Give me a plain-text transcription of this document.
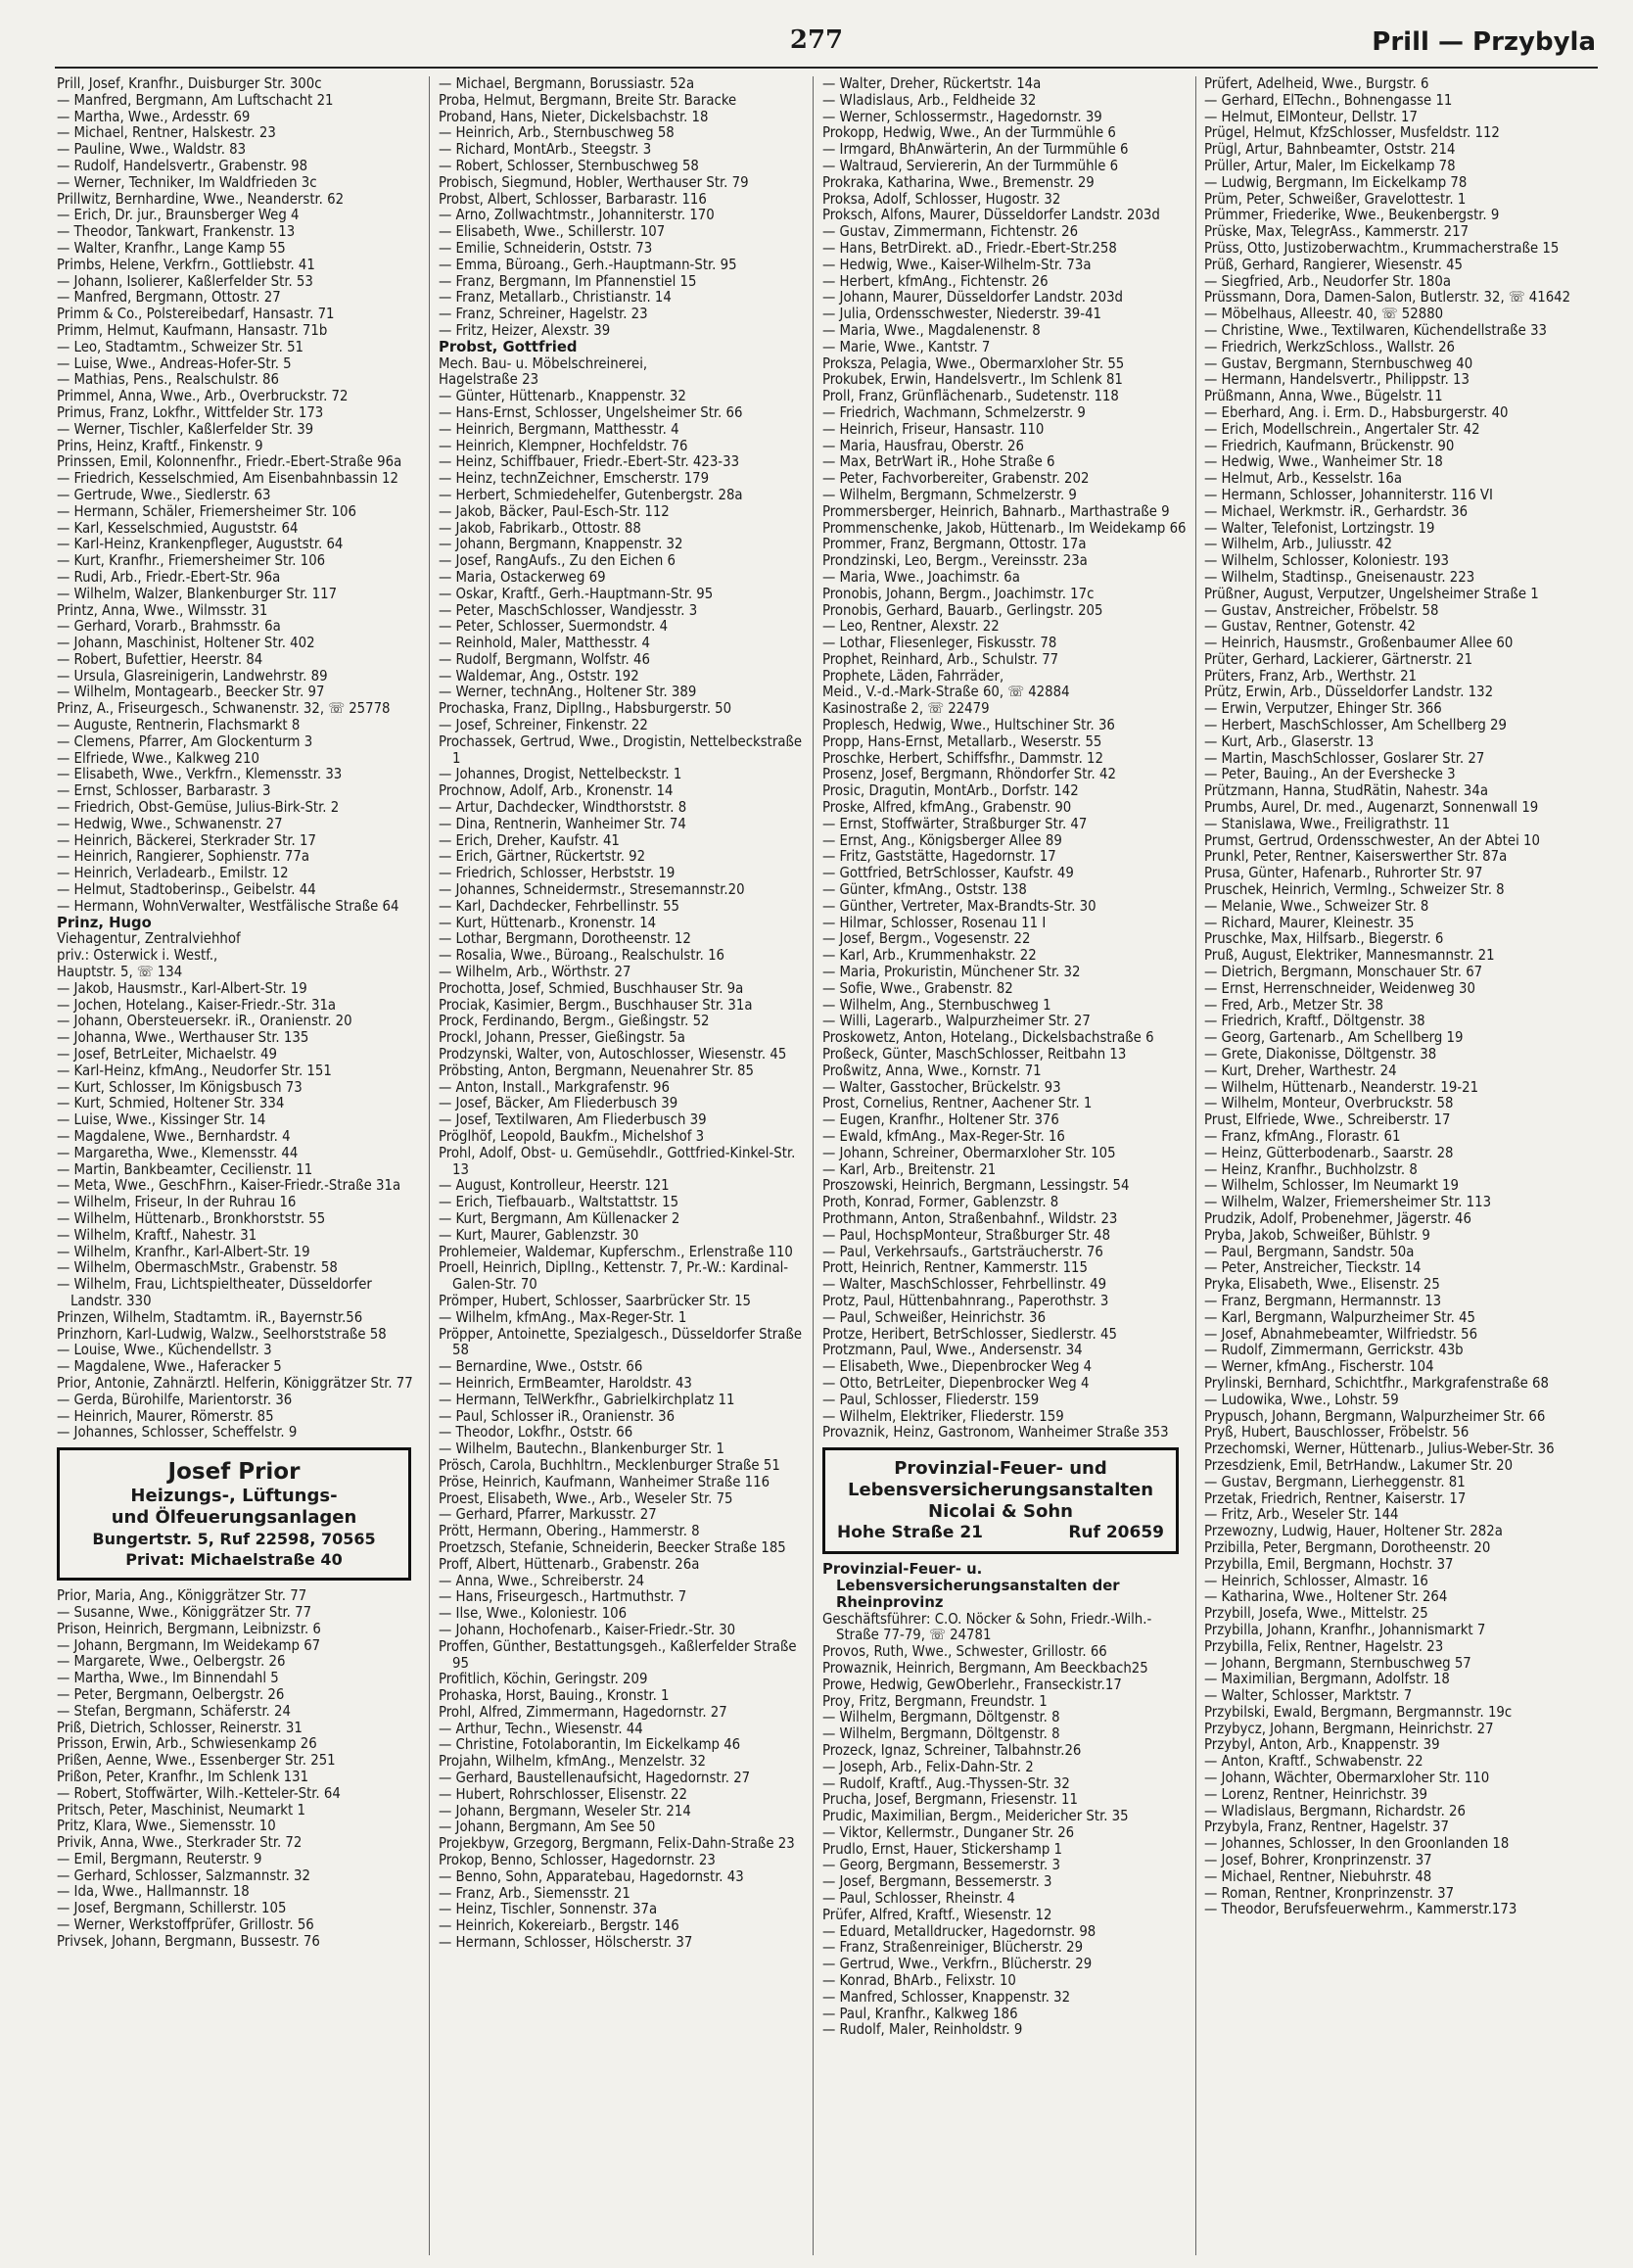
277	Prill — Przybyla
Prill, Josef, Kranfhr., Duisburger Str. 300c
— Manfred, Bergmann, Am Luftschacht 21
— Martha, Wwe., Ardesstr. 69
— Michael, Rentner, Halskestr. 23
— Pauline, Wwe., Waldstr. 83
— Rudolf, Handelsvertr., Grabenstr. 98
— Werner, Techniker, Im Waldfrieden 3c
Prillwitz, Bernhardine, Wwe., Neanderstr. 62
— Erich, Dr. jur., Braunsberger Weg 4
— Theodor, Tankwart, Frankenstr. 13
— Walter, Kranfhr., Lange Kamp 55
Primbs, Helene, Verkfrn., Gottliebstr. 41
— Johann, Isolierer, Kaßlerfelder Str. 53
— Manfred, Bergmann, Ottostr. 27
Primm & Co., Polstereibedarf, Hansastr. 71
Primm, Helmut, Kaufmann, Hansastr. 71b
— Leo, Stadtamtm., Schweizer Str. 51
— Luise, Wwe., Andreas-Hofer-Str. 5
— Mathias, Pens., Realschulstr. 86
Primmel, Anna, Wwe., Arb., Overbruckstr. 72
Primus, Franz, Lokfhr., Wittfelder Str. 173
— Werner, Tischler, Kaßlerfelder Str. 39
Prins, Heinz, Kraftf., Finkenstr. 9
Prinssen, Emil, Kolonnenfhr., Friedr.-Ebert-Straße 96a
— Friedrich, Kesselschmied, Am Eisenbahnbassin 12
— Gertrude, Wwe., Siedlerstr. 63
— Hermann, Schäler, Friemersheimer Str. 106
— Karl, Kesselschmied, Auguststr. 64
— Karl-Heinz, Krankenpfleger, Auguststr. 64
— Kurt, Kranfhr., Friemersheimer Str. 106
— Rudi, Arb., Friedr.-Ebert-Str. 96a
— Wilhelm, Walzer, Blankenburger Str. 117
Printz, Anna, Wwe., Wilmsstr. 31
— Gerhard, Vorarb., Brahmsstr. 6a
— Johann, Maschinist, Holtener Str. 402
— Robert, Bufettier, Heerstr. 84
— Ursula, Glasreinigerin, Landwehrstr. 89
— Wilhelm, Montagearb., Beecker Str. 97
Prinz, A., Friseurgesch., Schwanenstr. 32, ☏ 25778
— Auguste, Rentnerin, Flachsmarkt 8
— Clemens, Pfarrer, Am Glockenturm 3
— Elfriede, Wwe., Kalkweg 210
— Elisabeth, Wwe., Verkfrn., Klemensstr. 33
— Ernst, Schlosser, Barbarastr. 3
— Friedrich, Obst-Gemüse, Julius-Birk-Str. 2
— Hedwig, Wwe., Schwanenstr. 27
— Heinrich, Bäckerei, Sterkrader Str. 17
— Heinrich, Rangierer, Sophienstr. 77a
— Heinrich, Verladearb., Emilstr. 12
— Helmut, Stadtoberinsp., Geibelstr. 44
— Hermann, WohnVerwalter, Westfälische Straße 64
Prinz, Hugo
Viehagentur, Zentralviehhof
priv.: Osterwick i. Westf.,
Hauptstr. 5, ☏ 134
— Jakob, Hausmstr., Karl-Albert-Str. 19
— Jochen, Hotelang., Kaiser-Friedr.-Str. 31a
— Johann, Obersteuersekr. iR., Oranienstr. 20
— Johanna, Wwe., Werthauser Str. 135
— Josef, BetrLeiter, Michaelstr. 49
— Karl-Heinz, kfmAng., Neudorfer Str. 151
— Kurt, Schlosser, Im Königsbusch 73
— Kurt, Schmied, Holtener Str. 334
— Luise, Wwe., Kissinger Str. 14
— Magdalene, Wwe., Bernhardstr. 4
— Margaretha, Wwe., Klemensstr. 44
— Martin, Bankbeamter, Cecilienstr. 11
— Meta, Wwe., GeschFhrn., Kaiser-Friedr.-Straße 31a
— Wilhelm, Friseur, In der Ruhrau 16
— Wilhelm, Hüttenarb., Bronkhorststr. 55
— Wilhelm, Kraftf., Nahestr. 31
— Wilhelm, Kranfhr., Karl-Albert-Str. 19
— Wilhelm, ObermaschMstr., Grabenstr. 58
— Wilhelm, Frau, Lichtspieltheater, Düsseldorfer Landstr. 330
Prinzen, Wilhelm, Stadtamtm. iR., Bayernstr.56
Prinzhorn, Karl-Ludwig, Walzw., Seelhorststraße 58
— Louise, Wwe., Küchendellstr. 3
— Magdalene, Wwe., Haferacker 5
Prior, Antonie, Zahnärztl. Helferin, Königgrätzer Str. 77
— Gerda, Bürohilfe, Marientorstr. 36
— Heinrich, Maurer, Römerstr. 85
— Johannes, Schlosser, Scheffelstr. 9
Josef Prior
Heizungs-, Lüftungs-
und Ölfeuerungsanlagen
Bungertstr. 5, Ruf 22598, 70565
Privat: Michaelstraße 40
Prior, Maria, Ang., Königgrätzer Str. 77
— Susanne, Wwe., Königgrätzer Str. 77
Prison, Heinrich, Bergmann, Leibnizstr. 6
— Johann, Bergmann, Im Weidekamp 67
— Margarete, Wwe., Oelbergstr. 26
— Martha, Wwe., Im Binnendahl 5
— Peter, Bergmann, Oelbergstr. 26
— Stefan, Bergmann, Schäferstr. 24
Priß, Dietrich, Schlosser, Reinerstr. 31
Prisson, Erwin, Arb., Schwiesenkamp 26
Prißen, Aenne, Wwe., Essenberger Str. 251
Prißon, Peter, Kranfhr., Im Schlenk 131
— Robert, Stoffwärter, Wilh.-Ketteler-Str. 64
Pritsch, Peter, Maschinist, Neumarkt 1
Pritz, Klara, Wwe., Siemensstr. 10
Privik, Anna, Wwe., Sterkrader Str. 72
— Emil, Bergmann, Reuterstr. 9
— Gerhard, Schlosser, Salzmannstr. 32
— Ida, Wwe., Hallmannstr. 18
— Josef, Bergmann, Schillerstr. 105
— Werner, Werkstoffprüfer, Grillostr. 56
Privsek, Johann, Bergmann, Bussestr. 76
— Michael, Bergmann, Borussiastr. 52a
Proba, Helmut, Bergmann, Breite Str. Baracke
Proband, Hans, Nieter, Dickelsbachstr. 18
— Heinrich, Arb., Sternbuschweg 58
— Richard, MontArb., Steegstr. 3
— Robert, Schlosser, Sternbuschweg 58
Probisch, Siegmund, Hobler, Werthauser Str. 79
Probst, Albert, Schlosser, Barbarastr. 116
— Arno, Zollwachtmstr., Johanniterstr. 170
— Elisabeth, Wwe., Schillerstr. 107
— Emilie, Schneiderin, Oststr. 73
— Emma, Büroang., Gerh.-Hauptmann-Str. 95
— Franz, Bergmann, Im Pfannenstiel 15
— Franz, Metallarb., Christianstr. 14
— Franz, Schreiner, Hagelstr. 23
— Fritz, Heizer, Alexstr. 39
Probst, Gottfried
Mech. Bau- u. Möbelschreinerei,
Hagelstraße 23
— Günter, Hüttenarb., Knappenstr. 32
— Hans-Ernst, Schlosser, Ungelsheimer Str. 66
— Heinrich, Bergmann, Matthesstr. 4
— Heinrich, Klempner, Hochfeldstr. 76
— Heinz, Schiffbauer, Friedr.-Ebert-Str. 423-33
— Heinz, technZeichner, Emscherstr. 179
— Herbert, Schmiedehelfer, Gutenbergstr. 28a
— Jakob, Bäcker, Paul-Esch-Str. 112
— Jakob, Fabrikarb., Ottostr. 88
— Johann, Bergmann, Knappenstr. 32
— Josef, RangAufs., Zu den Eichen 6
— Maria, Ostackerweg 69
— Oskar, Kraftf., Gerh.-Hauptmann-Str. 95
— Peter, MaschSchlosser, Wandjesstr. 3
— Peter, Schlosser, Suermondstr. 4
— Reinhold, Maler, Matthesstr. 4
— Rudolf, Bergmann, Wolfstr. 46
— Waldemar, Ang., Oststr. 192
— Werner, technAng., Holtener Str. 389
Prochaska, Franz, DiplIng., Habsburgerstr. 50
— Josef, Schreiner, Finkenstr. 22
Prochassek, Gertrud, Wwe., Drogistin, Nettelbeckstraße 1
— Johannes, Drogist, Nettelbeckstr. 1
Prochnow, Adolf, Arb., Kronenstr. 14
— Artur, Dachdecker, Windthorststr. 8
— Dina, Rentnerin, Wanheimer Str. 74
— Erich, Dreher, Kaufstr. 41
— Erich, Gärtner, Rückertstr. 92
— Friedrich, Schlosser, Herbststr. 19
— Johannes, Schneidermstr., Stresemannstr.20
— Karl, Dachdecker, Fehrbellinstr. 55
— Kurt, Hüttenarb., Kronenstr. 14
— Lothar, Bergmann, Dorotheenstr. 12
— Rosalia, Wwe., Büroang., Realschulstr. 16
— Wilhelm, Arb., Wörthstr. 27
Prochotta, Josef, Schmied, Buschhauser Str. 9a
Prociak, Kasimier, Bergm., Buschhauser Str. 31a
Prock, Ferdinando, Bergm., Gießingstr. 52
Prockl, Johann, Presser, Gießingstr. 5a
Prodzynski, Walter, von, Autoschlosser, Wiesenstr. 45
Pröbsting, Anton, Bergmann, Neuenahrer Str. 85
— Anton, Install., Markgrafenstr. 96
— Josef, Bäcker, Am Fliederbusch 39
— Josef, Textilwaren, Am Fliederbusch 39
Pröglhöf, Leopold, Baukfm., Michelshof 3
Prohl, Adolf, Obst- u. Gemüsehdlr., Gottfried-Kinkel-Str. 13
— August, Kontrolleur, Heerstr. 121
— Erich, Tiefbauarb., Waltstattstr. 15
— Kurt, Bergmann, Am Küllenacker 2
— Kurt, Maurer, Gablenzstr. 30
Prohlemeier, Waldemar, Kupferschm., Erlenstraße 110
Proell, Heinrich, DiplIng., Kettenstr. 7, Pr.-W.: Kardinal-Galen-Str. 70
Prömper, Hubert, Schlosser, Saarbrücker Str. 15
— Wilhelm, kfmAng., Max-Reger-Str. 1
Pröpper, Antoinette, Spezialgesch., Düsseldorfer Straße 58
— Bernardine, Wwe., Oststr. 66
— Heinrich, ErmBeamter, Haroldstr. 43
— Hermann, TelWerkfhr., Gabrielkirchplatz 11
— Paul, Schlosser iR., Oranienstr. 36
— Theodor, Lokfhr., Oststr. 66
— Wilhelm, Bautechn., Blankenburger Str. 1
Prösch, Carola, Buchhltrn., Mecklenburger Straße 51
Pröse, Heinrich, Kaufmann, Wanheimer Straße 116
Proest, Elisabeth, Wwe., Arb., Weseler Str. 75
— Gerhard, Pfarrer, Markusstr. 27
Prött, Hermann, Obering., Hammerstr. 8
Proetzsch, Stefanie, Schneiderin, Beecker Straße 185
Proff, Albert, Hüttenarb., Grabenstr. 26a
— Anna, Wwe., Schreiberstr. 24
— Hans, Friseurgesch., Hartmuthstr. 7
— Ilse, Wwe., Koloniestr. 106
— Johann, Hochofenarb., Kaiser-Friedr.-Str. 30
Proffen, Günther, Bestattungsgeh., Kaßlerfelder Straße 95
Profitlich, Köchin, Geringstr. 209
Prohaska, Horst, Bauing., Kronstr. 1
Prohl, Alfred, Zimmermann, Hagedornstr. 27
— Arthur, Techn., Wiesenstr. 44
— Christine, Fotolaborantin, Im Eickelkamp 46
Projahn, Wilhelm, kfmAng., Menzelstr. 32
— Gerhard, Baustellenaufsicht, Hagedornstr. 27
— Hubert, Rohrschlosser, Elisenstr. 22
— Johann, Bergmann, Weseler Str. 214
— Johann, Bergmann, Am See 50
Projekbyw, Grzegorg, Bergmann, Felix-Dahn-Straße 23
Prokop, Benno, Schlosser, Hagedornstr. 23
— Benno, Sohn, Apparatebau, Hagedornstr. 43
— Franz, Arb., Siemensstr. 21
— Heinz, Tischler, Sonnenstr. 37a
— Heinrich, Kokereiarb., Bergstr. 146
— Hermann, Schlosser, Hölscherstr. 37
— Walter, Dreher, Rückertstr. 14a
— Wladislaus, Arb., Feldheide 32
— Werner, Schlossermstr., Hagedornstr. 39
Prokopp, Hedwig, Wwe., An der Turmmühle 6
— Irmgard, BhAnwärterin, An der Turmmühle 6
— Waltraud, Serviererin, An der Turmmühle 6
Prokraka, Katharina, Wwe., Bremenstr. 29
Proksa, Adolf, Schlosser, Hugostr. 32
Proksch, Alfons, Maurer, Düsseldorfer Landstr. 203d
— Gustav, Zimmermann, Fichtenstr. 26
— Hans, BetrDirekt. aD., Friedr.-Ebert-Str.258
— Hedwig, Wwe., Kaiser-Wilhelm-Str. 73a
— Herbert, kfmAng., Fichtenstr. 26
— Johann, Maurer, Düsseldorfer Landstr. 203d
— Julia, Ordensschwester, Niederstr. 39-41
— Maria, Wwe., Magdalenenstr. 8
— Marie, Wwe., Kantstr. 7
Proksza, Pelagia, Wwe., Obermarxloher Str. 55
Prokubek, Erwin, Handelsvertr., Im Schlenk 81
Proll, Franz, Grünflächenarb., Sudetenstr. 118
— Friedrich, Wachmann, Schmelzerstr. 9
— Heinrich, Friseur, Hansastr. 110
— Maria, Hausfrau, Oberstr. 26
— Max, BetrWart iR., Hohe Straße 6
— Peter, Fachvorbereiter, Grabenstr. 202
— Wilhelm, Bergmann, Schmelzerstr. 9
Prommersberger, Heinrich, Bahnarb., Marthastraße 9
Prommenschenke, Jakob, Hüttenarb., Im Weidekamp 66
Prommer, Franz, Bergmann, Ottostr. 17a
Prondzinski, Leo, Bergm., Vereinsstr. 23a
— Maria, Wwe., Joachimstr. 6a
Pronobis, Johann, Bergm., Joachimstr. 17c
Pronobis, Gerhard, Bauarb., Gerlingstr. 205
— Leo, Rentner, Alexstr. 22
— Lothar, Fliesenleger, Fiskusstr. 78
Prophet, Reinhard, Arb., Schulstr. 77
Prophete, Läden, Fahrräder,
Meid., V.-d.-Mark-Straße 60, ☏ 42884
Kasinostraße 2, ☏ 22479
Proplesch, Hedwig, Wwe., Hultschiner Str. 36
Propp, Hans-Ernst, Metallarb., Weserstr. 55
Proschke, Herbert, Schiffsfhr., Dammstr. 12
Prosenz, Josef, Bergmann, Rhöndorfer Str. 42
Prosic, Dragutin, MontArb., Dorfstr. 142
Proske, Alfred, kfmAng., Grabenstr. 90
— Ernst, Stoffwärter, Straßburger Str. 47
— Ernst, Ang., Königsberger Allee 89
— Fritz, Gaststätte, Hagedornstr. 17
— Gottfried, BetrSchlosser, Kaufstr. 49
— Günter, kfmAng., Oststr. 138
— Günther, Vertreter, Max-Brandts-Str. 30
— Hilmar, Schlosser, Rosenau 11 I
— Josef, Bergm., Vogesenstr. 22
— Karl, Arb., Krummenhakstr. 22
— Maria, Prokuristin, Münchener Str. 32
— Sofie, Wwe., Grabenstr. 82
— Wilhelm, Ang., Sternbuschweg 1
— Willi, Lagerarb., Walpurzheimer Str. 27
Proskowetz, Anton, Hotelang., Dickelsbachstraße 6
Proßeck, Günter, MaschSchlosser, Reitbahn 13
Proßwitz, Anna, Wwe., Kornstr. 71
— Walter, Gasstocher, Brückelstr. 93
Prost, Cornelius, Rentner, Aachener Str. 1
— Eugen, Kranfhr., Holtener Str. 376
— Ewald, kfmAng., Max-Reger-Str. 16
— Johann, Schreiner, Obermarxloher Str. 105
— Karl, Arb., Breitenstr. 21
Proszowski, Heinrich, Bergmann, Lessingstr. 54
Proth, Konrad, Former, Gablenzstr. 8
Prothmann, Anton, Straßenbahnf., Wildstr. 23
— Paul, HochspMonteur, Straßburger Str. 48
— Paul, Verkehrsaufs., Gartsträucherstr. 76
Prott, Heinrich, Rentner, Kammerstr. 115
— Walter, MaschSchlosser, Fehrbellinstr. 49
Protz, Paul, Hüttenbahnrang., Paperothstr. 3
— Paul, Schweißer, Heinrichstr. 36
Protze, Heribert, BetrSchlosser, Siedlerstr. 45
Protzmann, Paul, Wwe., Andersenstr. 34
— Elisabeth, Wwe., Diepenbrocker Weg 4
— Otto, BetrLeiter, Diepenbrocker Weg 4
— Paul, Schlosser, Fliederstr. 159
— Wilhelm, Elektriker, Fliederstr. 159
Provaznik, Heinz, Gastronom, Wanheimer Straße 353
Provinzial-Feuer- und
Lebensversicherungsanstalten
Nicolai & Sohn
Hohe Straße 21	Ruf 20659
Provinzial-Feuer- u. Lebensversicherungsanstalten der Rheinprovinz
Geschäftsführer: C.O. Nöcker & Sohn, Friedr.-Wilh.-Straße 77-79, ☏ 24781
Provos, Ruth, Wwe., Schwester, Grillostr. 66
Prowaznik, Heinrich, Bergmann, Am Beeckbach25
Prowe, Hedwig, GewOberlehr., Franseckistr.17
Proy, Fritz, Bergmann, Freundstr. 1
— Wilhelm, Bergmann, Döltgenstr. 8
— Wilhelm, Bergmann, Döltgenstr. 8
Prozeck, Ignaz, Schreiner, Talbahnstr.26
— Joseph, Arb., Felix-Dahn-Str. 2
— Rudolf, Kraftf., Aug.-Thyssen-Str. 32
Prucha, Josef, Bergmann, Friesenstr. 11
Prudic, Maximilian, Bergm., Meidericher Str. 35
— Viktor, Kellermstr., Dunganer Str. 26
Prudlo, Ernst, Hauer, Stickershamp 1
— Georg, Bergmann, Bessemerstr. 3
— Josef, Bergmann, Bessemerstr. 3
— Paul, Schlosser, Rheinstr. 4
Prüfer, Alfred, Kraftf., Wiesenstr. 12
— Eduard, Metalldrucker, Hagedornstr. 98
— Franz, Straßenreiniger, Blücherstr. 29
— Gertrud, Wwe., Verkfrn., Blücherstr. 29
— Konrad, BhArb., Felixstr. 10
— Manfred, Schlosser, Knappenstr. 32
— Paul, Kranfhr., Kalkweg 186
— Rudolf, Maler, Reinholdstr. 9
Prüfert, Adelheid, Wwe., Burgstr. 6
— Gerhard, ElTechn., Bohnengasse 11
— Helmut, ElMonteur, Dellstr. 17
Prügel, Helmut, KfzSchlosser, Musfeldstr. 112
Prügl, Artur, Bahnbeamter, Oststr. 214
Prüller, Artur, Maler, Im Eickelkamp 78
— Ludwig, Bergmann, Im Eickelkamp 78
Prüm, Peter, Schweißer, Gravelottestr. 1
Prümmer, Friederike, Wwe., Beukenbergstr. 9
Prüske, Max, TelegrAss., Kammerstr. 217
Prüss, Otto, Justizoberwachtm., Krummacherstraße 15
Prüß, Gerhard, Rangierer, Wiesenstr. 45
— Siegfried, Arb., Neudorfer Str. 180a
Prüssmann, Dora, Damen-Salon, Butlerstr. 32, ☏ 41642
— Möbelhaus, Alleestr. 40, ☏ 52880
— Christine, Wwe., Textilwaren, Küchendellstraße 33
— Friedrich, WerkzSchloss., Wallstr. 26
— Gustav, Bergmann, Sternbuschweg 40
— Hermann, Handelsvertr., Philippstr. 13
Prüßmann, Anna, Wwe., Bügelstr. 11
— Eberhard, Ang. i. Erm. D., Habsburgerstr. 40
— Erich, Modellschrein., Angertaler Str. 42
— Friedrich, Kaufmann, Brückenstr. 90
— Hedwig, Wwe., Wanheimer Str. 18
— Helmut, Arb., Kesselstr. 16a
— Hermann, Schlosser, Johanniterstr. 116 VI
— Michael, Werkmstr. iR., Gerhardstr. 36
— Walter, Telefonist, Lortzingstr. 19
— Wilhelm, Arb., Juliusstr. 42
— Wilhelm, Schlosser, Koloniestr. 193
— Wilhelm, Stadtinsp., Gneisenaustr. 223
Prüßner, August, Verputzer, Ungelsheimer Straße 1
— Gustav, Anstreicher, Fröbelstr. 58
— Gustav, Rentner, Gotenstr. 42
— Heinrich, Hausmstr., Großenbaumer Allee 60
Prüter, Gerhard, Lackierer, Gärtnerstr. 21
Prüters, Franz, Arb., Werthstr. 21
Prütz, Erwin, Arb., Düsseldorfer Landstr. 132
— Erwin, Verputzer, Ehinger Str. 366
— Herbert, MaschSchlosser, Am Schellberg 29
— Kurt, Arb., Glaserstr. 13
— Martin, MaschSchlosser, Goslarer Str. 27
— Peter, Bauing., An der Evershecke 3
Prützmann, Hanna, StudRätin, Nahestr. 34a
Prumbs, Aurel, Dr. med., Augenarzt, Sonnenwall 19
— Stanislawa, Wwe., Freiligrathstr. 11
Prumst, Gertrud, Ordensschwester, An der Abtei 10
Prunkl, Peter, Rentner, Kaiserswerther Str. 87a
Prusa, Günter, Hafenarb., Ruhrorter Str. 97
Pruschek, Heinrich, Vermlng., Schweizer Str. 8
— Melanie, Wwe., Schweizer Str. 8
— Richard, Maurer, Kleinestr. 35
Pruschke, Max, Hilfsarb., Biegerstr. 6
Pruß, August, Elektriker, Mannesmannstr. 21
— Dietrich, Bergmann, Monschauer Str. 67
— Ernst, Herrenschneider, Weidenweg 30
— Fred, Arb., Metzer Str. 38
— Friedrich, Kraftf., Döltgenstr. 38
— Georg, Gartenarb., Am Schellberg 19
— Grete, Diakonisse, Döltgenstr. 38
— Kurt, Dreher, Warthestr. 24
— Wilhelm, Hüttenarb., Neanderstr. 19-21
— Wilhelm, Monteur, Overbruckstr. 58
Prust, Elfriede, Wwe., Schreiberstr. 17
— Franz, kfmAng., Florastr. 61
— Heinz, Gütterbodenarb., Saarstr. 28
— Heinz, Kranfhr., Buchholzstr. 8
— Wilhelm, Schlosser, Im Neumarkt 19
— Wilhelm, Walzer, Friemersheimer Str. 113
Prudzik, Adolf, Probenehmer, Jägerstr. 46
Pryba, Jakob, Schweißer, Bühlstr. 9
— Paul, Bergmann, Sandstr. 50a
— Peter, Anstreicher, Tieckstr. 14
Pryka, Elisabeth, Wwe., Elisenstr. 25
— Franz, Bergmann, Hermannstr. 13
— Karl, Bergmann, Walpurzheimer Str. 45
— Josef, Abnahmebeamter, Wilfriedstr. 56
— Rudolf, Zimmermann, Gerrickstr. 43b
— Werner, kfmAng., Fischerstr. 104
Prylinski, Bernhard, Schichtfhr., Markgrafenstraße 68
— Ludowika, Wwe., Lohstr. 59
Prypusch, Johann, Bergmann, Walpurzheimer Str. 66
Pryß, Hubert, Bauschlosser, Fröbelstr. 56
Przechomski, Werner, Hüttenarb., Julius-Weber-Str. 36
Przesdzienk, Emil, BetrHandw., Lakumer Str. 20
— Gustav, Bergmann, Lierheggenstr. 81
Przetak, Friedrich, Rentner, Kaiserstr. 17
— Fritz, Arb., Weseler Str. 144
Przewozny, Ludwig, Hauer, Holtener Str. 282a
Przibilla, Peter, Bergmann, Dorotheenstr. 20
Przybilla, Emil, Bergmann, Hochstr. 37
— Heinrich, Schlosser, Almastr. 16
— Katharina, Wwe., Holtener Str. 264
Przybill, Josefa, Wwe., Mittelstr. 25
Przybilla, Johann, Kranfhr., Johannismarkt 7
Przybilla, Felix, Rentner, Hagelstr. 23
— Johann, Bergmann, Sternbuschweg 57
— Maximilian, Bergmann, Adolfstr. 18
— Walter, Schlosser, Marktstr. 7
Przybilski, Ewald, Bergmann, Bergmannstr. 19c
Przybycz, Johann, Bergmann, Heinrichstr. 27
Przybyl, Anton, Arb., Knappenstr. 39
— Anton, Kraftf., Schwabenstr. 22
— Johann, Wächter, Obermarxloher Str. 110
— Lorenz, Rentner, Heinrichstr. 39
— Wladislaus, Bergmann, Richardstr. 26
Przybyla, Franz, Rentner, Hagelstr. 37
— Johannes, Schlosser, In den Groonlanden 18
— Josef, Bohrer, Kronprinzenstr. 37
— Michael, Rentner, Niebuhrstr. 48
— Roman, Rentner, Kronprinzenstr. 37
— Theodor, Berufsfeuerwehrm., Kammerstr.173
